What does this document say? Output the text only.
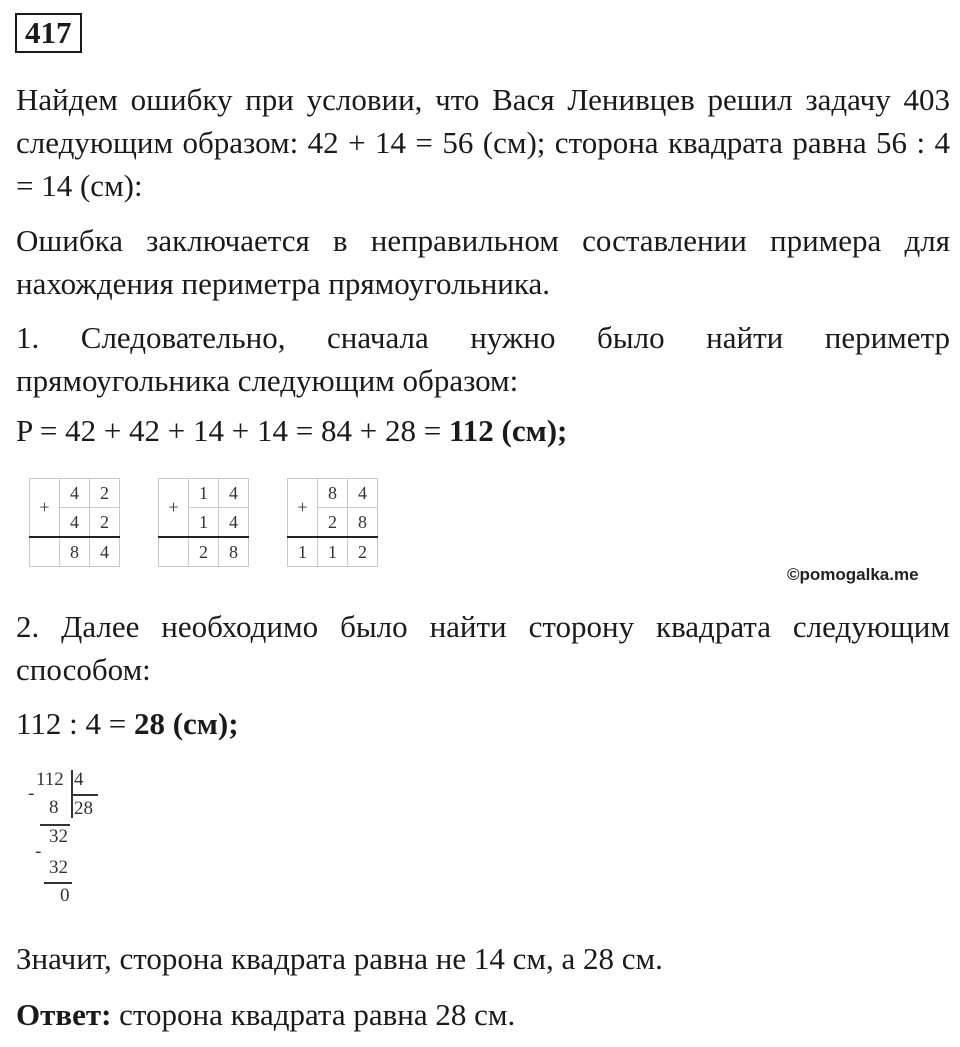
417

Найдем ошибку при условии, что Вася Ленивцев решил задачу 403 следующим образом: 42 + 14 = 56 (см); сторона квадрата равна 56 : 4 = 14 (см):

Ошибка заключается в неправильном составлении примера для нахождения периметра прямоугольника.

1. Следовательно, сначала нужно было найти периметр прямоугольника следующим образом:

P = 42 + 42 + 14 + 14 = 84 + 28 = 112 (см);
+	4	2
	4	2
	8	4
+	1	4
	1	4
	2	8
+	8	4
	2	8
1	1	2
©pomogalka.me

2. Далее необходимо было найти сторону квадрата следующим способом:

112 : 4 = 28 (см);
112 4
-
28
8
32
-
32
0

Значит, сторона квадрата равна не 14 см, а 28 см.

Ответ: сторона квадрата равна 28 см.
